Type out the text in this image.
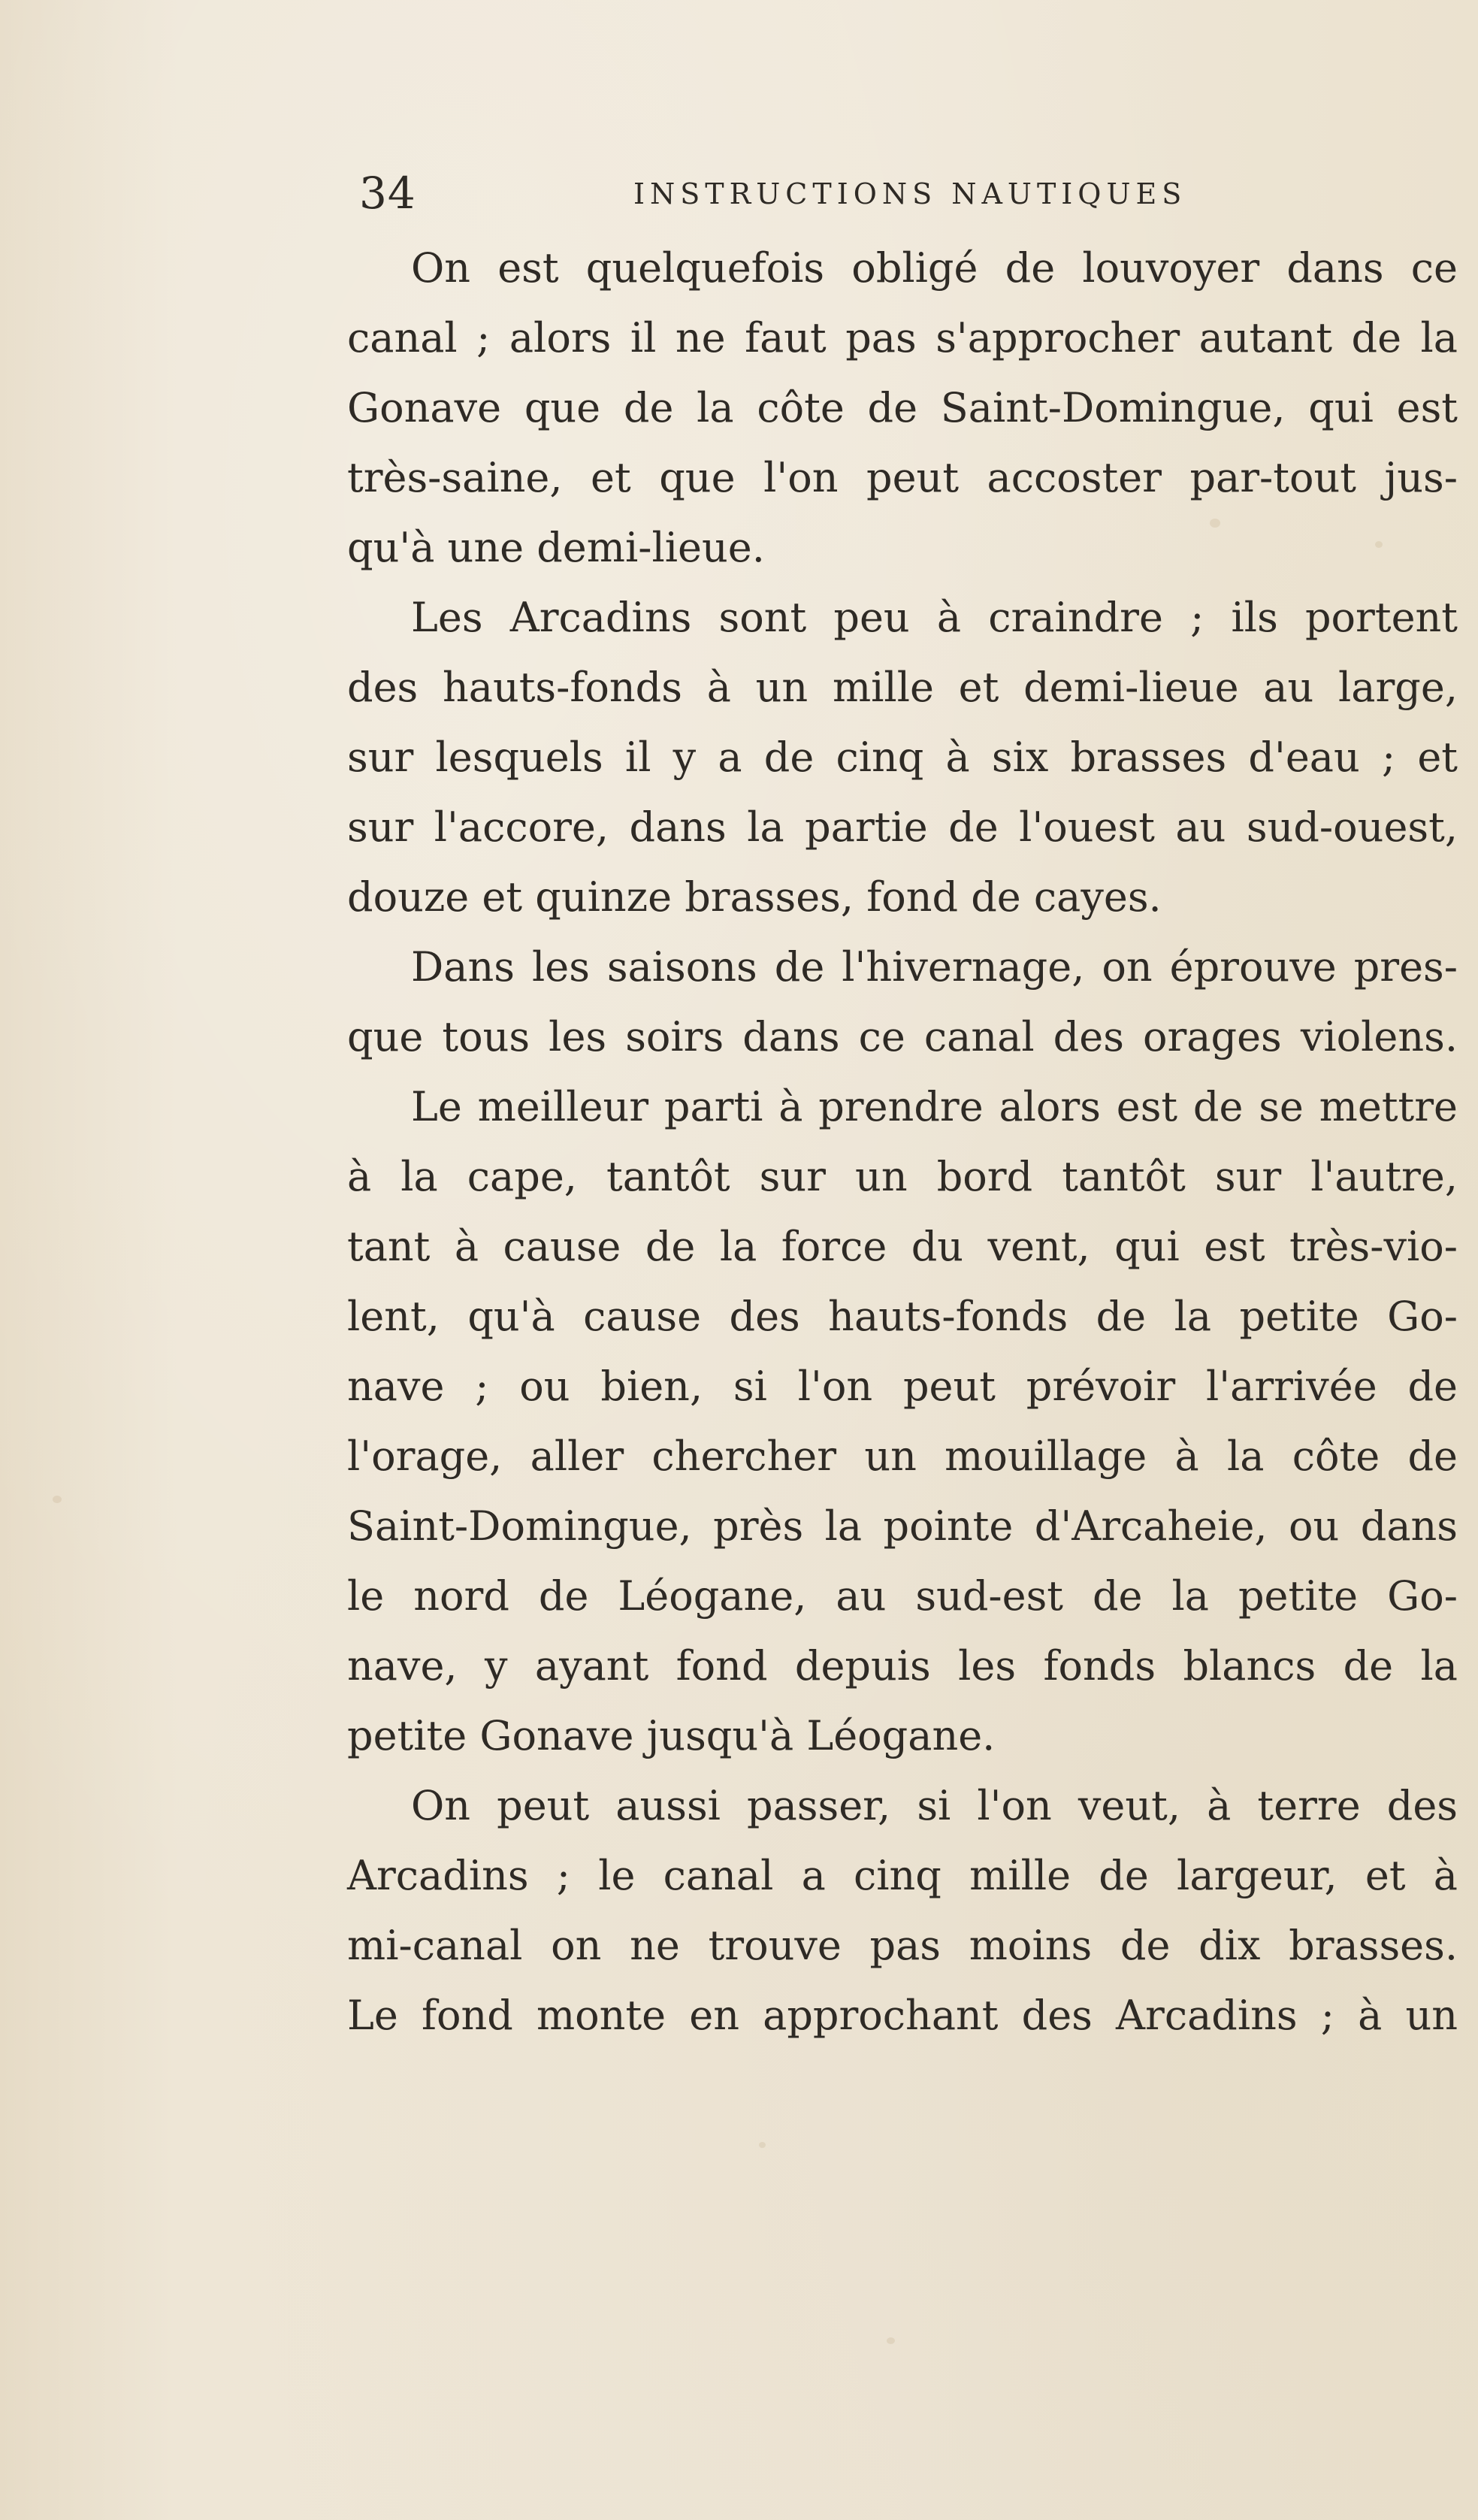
34	INSTRUCTIONS NAUTIQUES
On est quelquefois obligé de louvoyer dans ce
canal ; alors il ne faut pas s'approcher autant de la
Gonave que de la côte de Saint-Domingue, qui est
très-saine, et que l'on peut accoster par-tout jus-
qu'à une demi-lieue.
Les Arcadins sont peu à craindre ; ils portent
des hauts-fonds à un mille et demi-lieue au large,
sur lesquels il y a de cinq à six brasses d'eau ; et
sur l'accore, dans la partie de l'ouest au sud-ouest,
douze et quinze brasses, fond de cayes.
Dans les saisons de l'hivernage, on éprouve pres-
que tous les soirs dans ce canal des orages violens.
Le meilleur parti à prendre alors est de se mettre
à la cape, tantôt sur un bord tantôt sur l'autre,
tant à cause de la force du vent, qui est très-vio-
lent, qu'à cause des hauts-fonds de la petite Go-
nave ; ou bien, si l'on peut prévoir l'arrivée de
l'orage, aller chercher un mouillage à la côte de
Saint-Domingue, près la pointe d'Arcaheie, ou dans
le nord de Léogane, au sud-est de la petite Go-
nave, y ayant fond depuis les fonds blancs de la
petite Gonave jusqu'à Léogane.
On peut aussi passer, si l'on veut, à terre des
Arcadins ; le canal a cinq mille de largeur, et à
mi-canal on ne trouve pas moins de dix brasses.
Le fond monte en approchant des Arcadins ; à un
